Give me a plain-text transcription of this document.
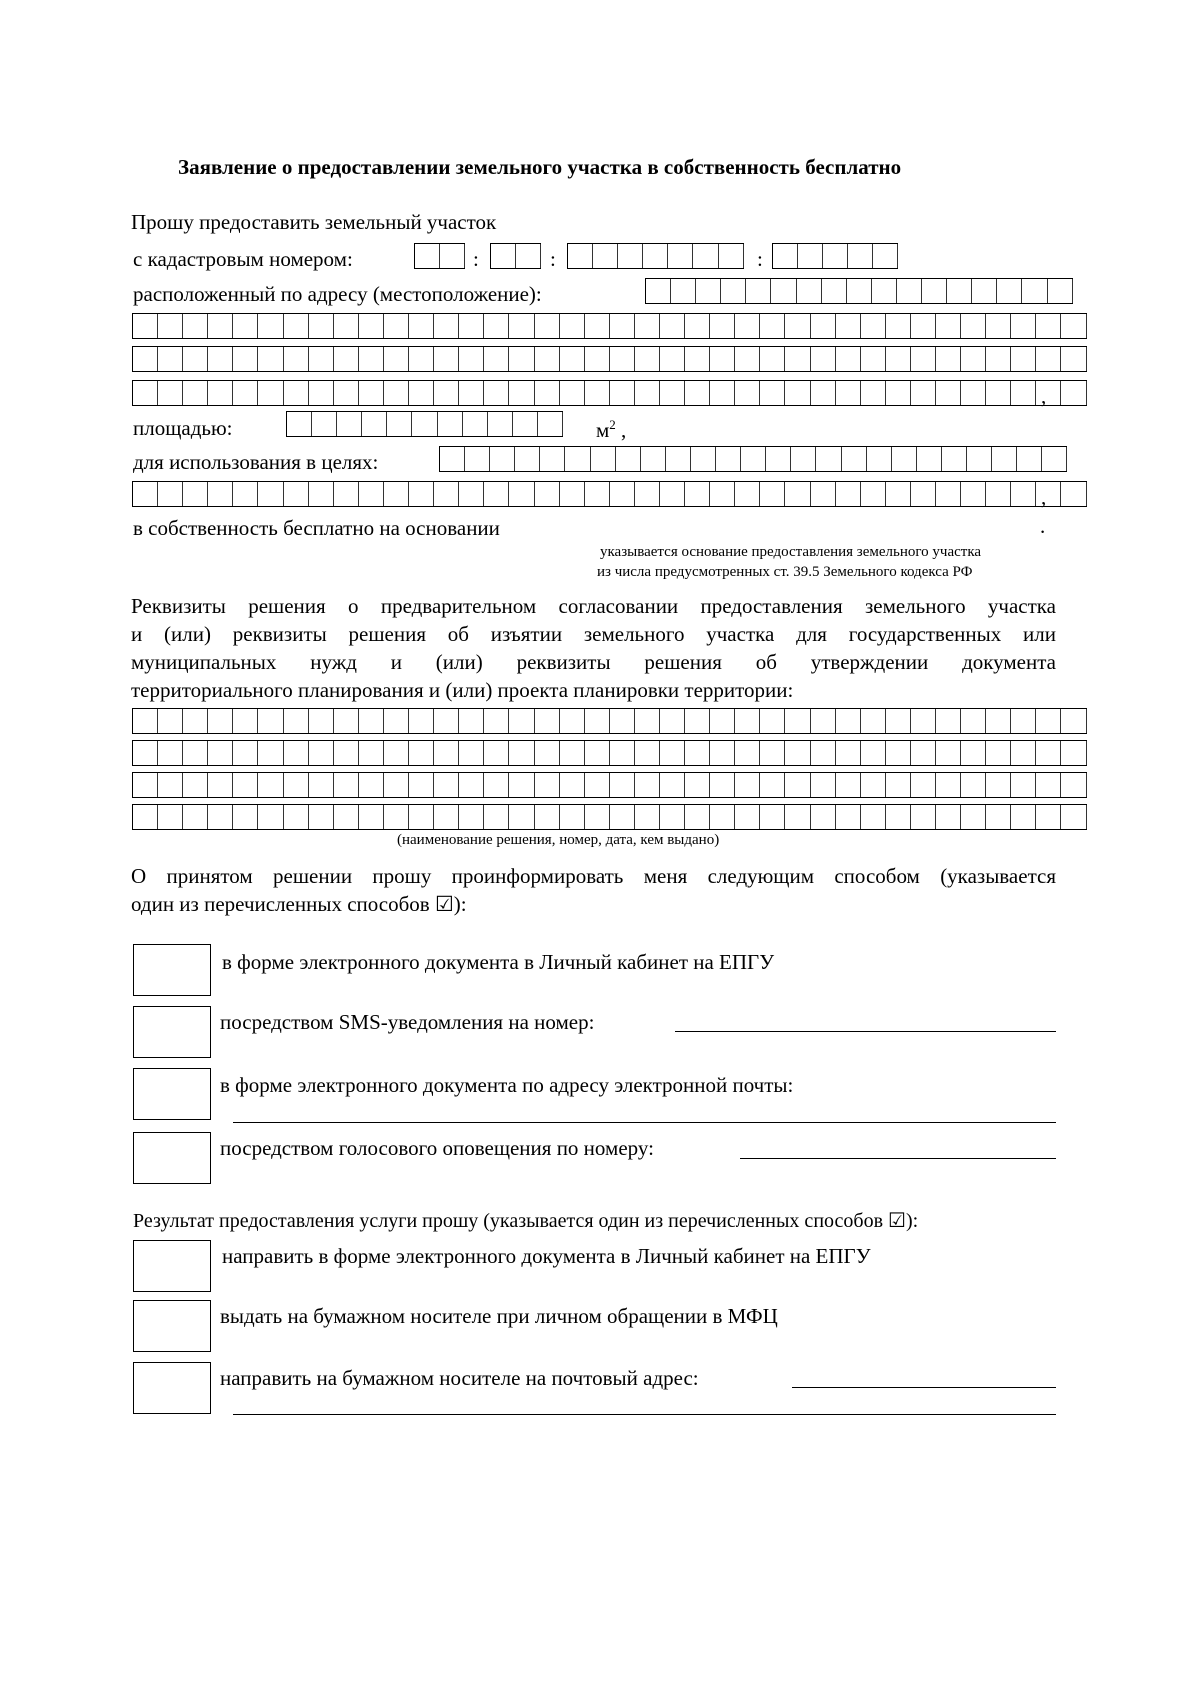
Заявление о предоставлении земельного участка в собственность бесплатно
Прошу предоставить земельный участок
с кадастровым номером:	:	:	:
расположенный по адресу (местоположение):
,
площадью:	$м^2$ ,
для использования в целях:
,
в собственность бесплатно на основании	.
указывается основание предоставления земельного участка
из числа предусмотренных ст. 39.5 Земельного кодекса РФ
Реквизиты решения о предварительном согласовании предоставления земельного участка
и (или) реквизиты решения об изъятии земельного участка для государственных или
муниципальных нужд и (или) реквизиты решения об утверждении документа
территориального планирования и (или) проекта планировки территории:
(наименование решения, номер, дата, кем выдано)
О принятом решении прошу проинформировать меня следующим способом (указывается
один из перечисленных способов ☑):
в форме электронного документа в Личный кабинет на ЕПГУ
посредством SMS-уведомления на номер:
в форме электронного документа по адресу электронной почты:
посредством голосового оповещения по номеру:
Результат предоставления услуги прошу (указывается один из перечисленных способов ☑):
направить в форме электронного документа в Личный кабинет на ЕПГУ
выдать на бумажном носителе при личном обращении в МФЦ
направить на бумажном носителе на почтовый адрес:
